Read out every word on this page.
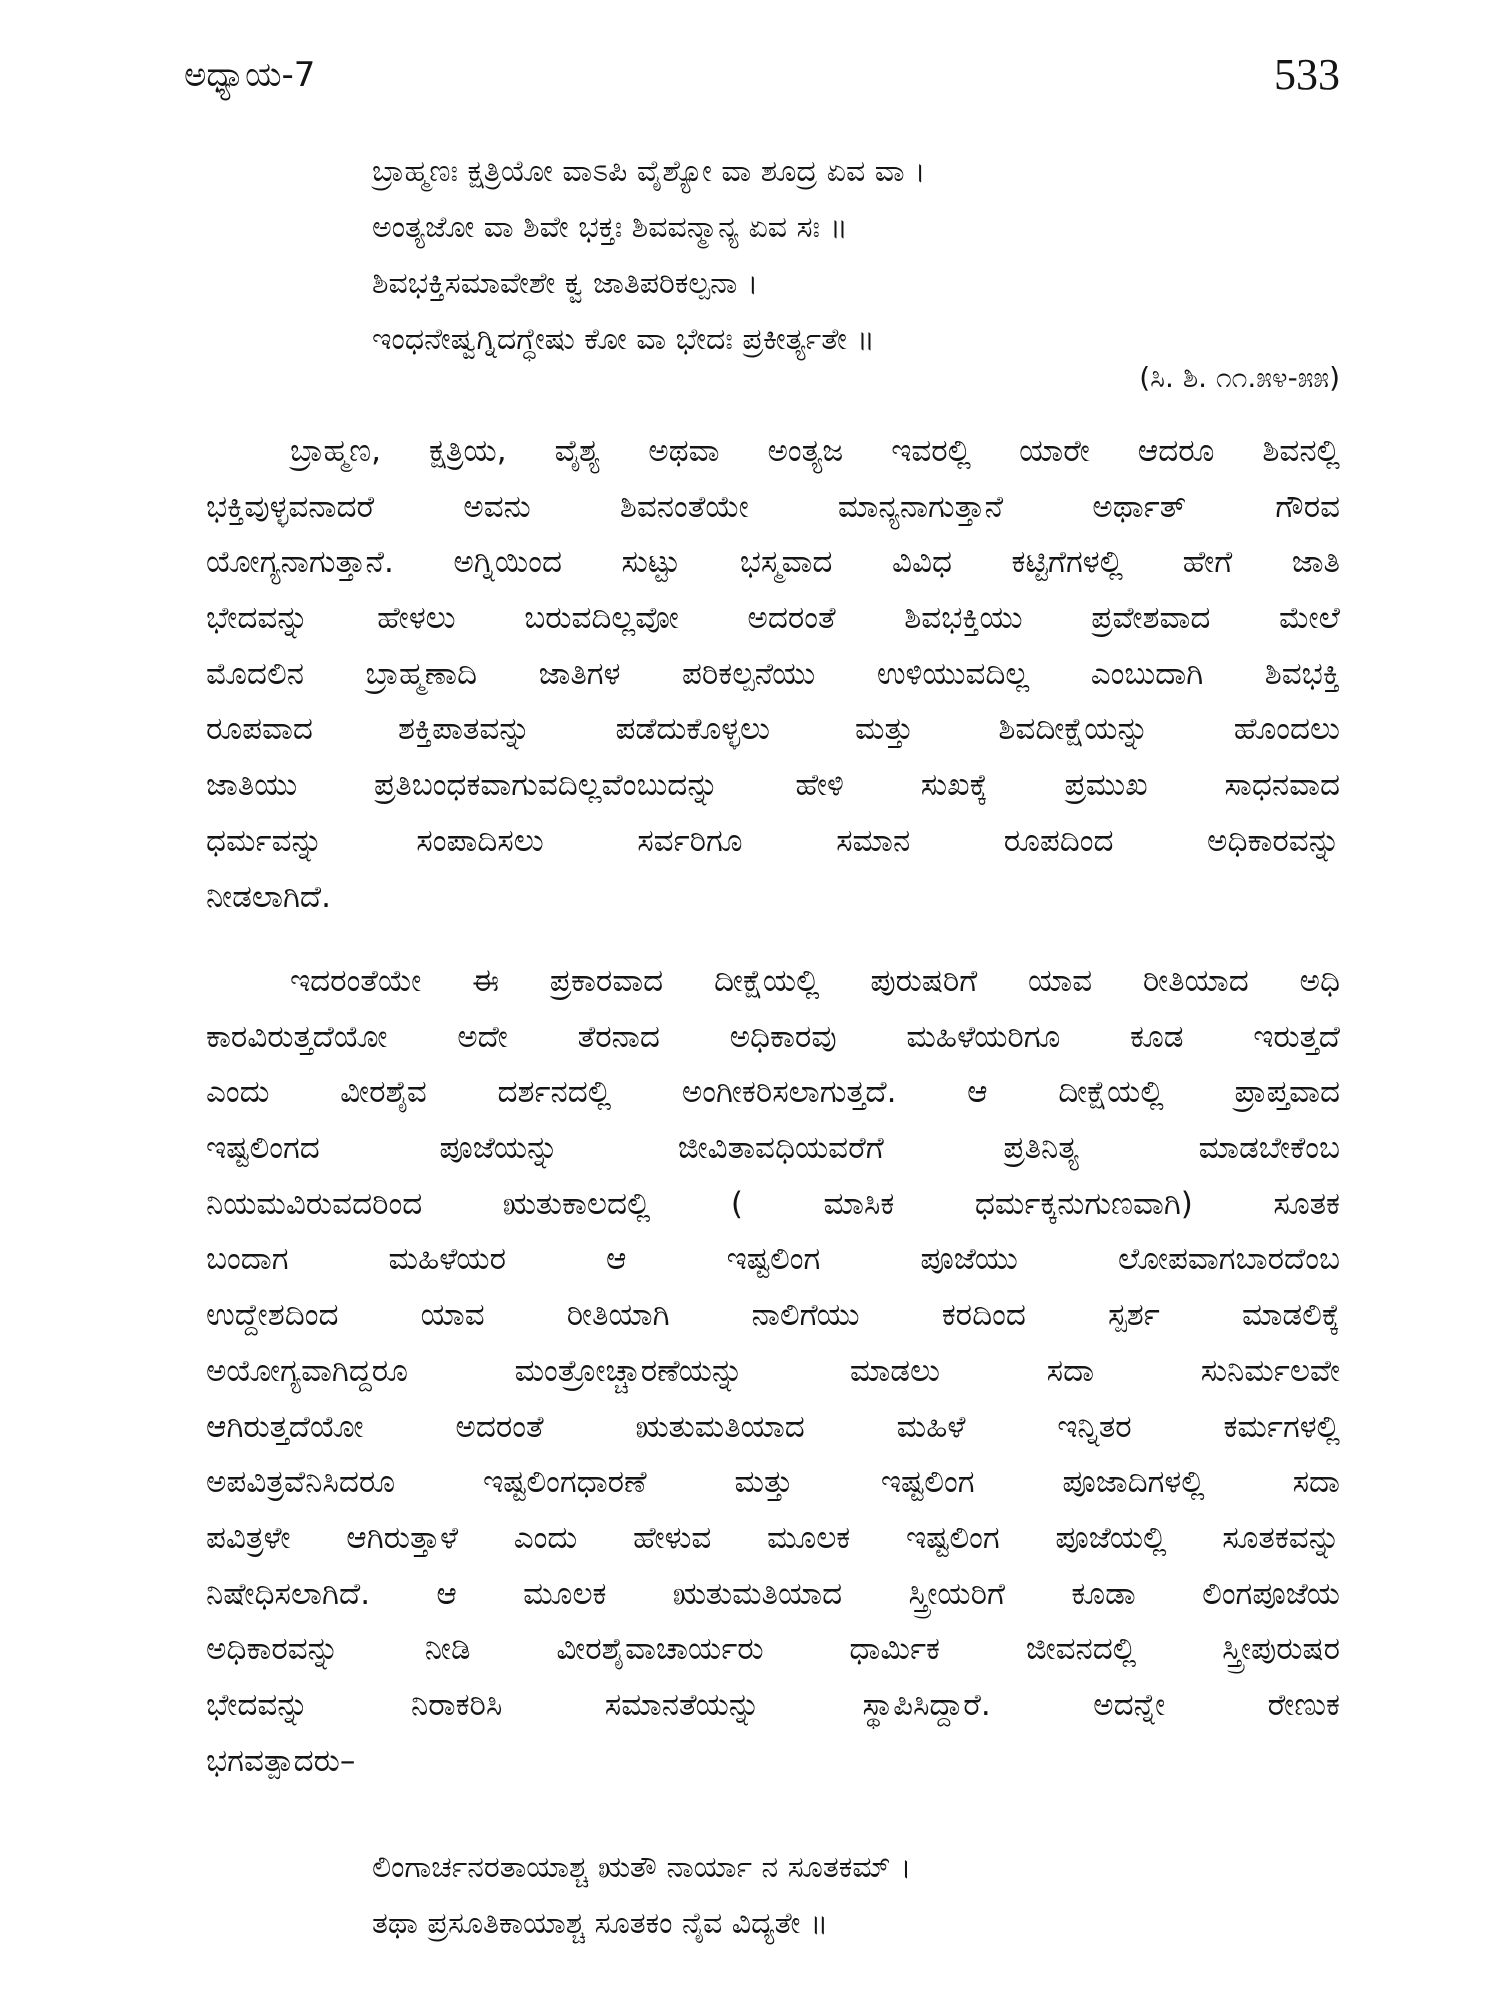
ಅಧ್ಯಾಯ-7	533
ಬ್ರಾಹ್ಮಣಃ ಕ್ಷತ್ರಿಯೋ ವಾಽಪಿ ವೈಶ್ಯೋ ವಾ ಶೂದ್ರ ಏವ ವಾ ।
ಅಂತ್ಯಜೋ ವಾ ಶಿವೇ ಭಕ್ತಃ ಶಿವವನ್ಮಾನ್ಯ ಏವ ಸಃ ॥
ಶಿವಭಕ್ತಿಸಮಾವೇಶೇ ಕ್ವ ಜಾತಿಪರಿಕಲ್ಪನಾ ।
ಇಂಧನೇಷ್ವಗ್ನಿದಗ್ಧೇಷು ಕೋ ವಾ ಭೇದಃ ಪ್ರಕೀರ್ತ್ಯತೇ ॥
(ಸಿ. ಶಿ. ೧೧.೫೪-೫೫)
ಬ್ರಾಹ್ಮಣ, ಕ್ಷತ್ರಿಯ, ವೈಶ್ಯ ಅಥವಾ ಅಂತ್ಯಜ ಇವರಲ್ಲಿ ಯಾರೇ ಆದರೂ ಶಿವನಲ್ಲಿ
ಭಕ್ತಿವುಳ್ಳವನಾದರೆ ಅವನು ಶಿವನಂತೆಯೇ ಮಾನ್ಯನಾಗುತ್ತಾನೆ ಅರ್ಥಾತ್ ಗೌರವ
ಯೋಗ್ಯನಾಗುತ್ತಾನೆ. ಅಗ್ನಿಯಿಂದ ಸುಟ್ಟು ಭಸ್ಮವಾದ ವಿವಿಧ ಕಟ್ಟಿಗೆಗಳಲ್ಲಿ ಹೇಗೆ ಜಾತಿ
ಭೇದವನ್ನು ಹೇಳಲು ಬರುವದಿಲ್ಲವೋ ಅದರಂತೆ ಶಿವಭಕ್ತಿಯು ಪ್ರವೇಶವಾದ ಮೇಲೆ
ಮೊದಲಿನ ಬ್ರಾಹ್ಮಣಾದಿ ಜಾತಿಗಳ ಪರಿಕಲ್ಪನೆಯು ಉಳಿಯುವದಿಲ್ಲ ಎಂಬುದಾಗಿ ಶಿವಭಕ್ತಿ
ರೂಪವಾದ ಶಕ್ತಿಪಾತವನ್ನು ಪಡೆದುಕೊಳ್ಳಲು ಮತ್ತು ಶಿವದೀಕ್ಷೆಯನ್ನು ಹೊಂದಲು
ಜಾತಿಯು ಪ್ರತಿಬಂಧಕವಾಗುವದಿಲ್ಲವೆಂಬುದನ್ನು ಹೇಳಿ ಸುಖಕ್ಕೆ ಪ್ರಮುಖ ಸಾಧನವಾದ
ಧರ್ಮವನ್ನು ಸಂಪಾದಿಸಲು ಸರ್ವರಿಗೂ ಸಮಾನ ರೂಪದಿಂದ ಅಧಿಕಾರವನ್ನು
ನೀಡಲಾಗಿದೆ.
ಇದರಂತೆಯೇ ಈ ಪ್ರಕಾರವಾದ ದೀಕ್ಷೆಯಲ್ಲಿ ಪುರುಷರಿಗೆ ಯಾವ ರೀತಿಯಾದ ಅಧಿ
ಕಾರವಿರುತ್ತದೆಯೋ ಅದೇ ತೆರನಾದ ಅಧಿಕಾರವು ಮಹಿಳೆಯರಿಗೂ ಕೂಡ ಇರುತ್ತದೆ
ಎಂದು ವೀರಶೈವ ದರ್ಶನದಲ್ಲಿ ಅಂಗೀಕರಿಸಲಾಗುತ್ತದೆ. ಆ ದೀಕ್ಷೆಯಲ್ಲಿ ಪ್ರಾಪ್ತವಾದ
ಇಷ್ಟಲಿಂಗದ ಪೂಜೆಯನ್ನು ಜೀವಿತಾವಧಿಯವರೆಗೆ ಪ್ರತಿನಿತ್ಯ ಮಾಡಬೇಕೆಂಬ
ನಿಯಮವಿರುವದರಿಂದ ಋತುಕಾಲದಲ್ಲಿ ( ಮಾಸಿಕ ಧರ್ಮಕ್ಕನುಗುಣವಾಗಿ) ಸೂತಕ
ಬಂದಾಗ ಮಹಿಳೆಯರ ಆ ಇಷ್ಟಲಿಂಗ ಪೂಜೆಯು ಲೋಪವಾಗಬಾರದೆಂಬ
ಉದ್ದೇಶದಿಂದ ಯಾವ ರೀತಿಯಾಗಿ ನಾಲಿಗೆಯು ಕರದಿಂದ ಸ್ಪರ್ಶ ಮಾಡಲಿಕ್ಕೆ
ಅಯೋಗ್ಯವಾಗಿದ್ದರೂ ಮಂತ್ರೋಚ್ಚಾರಣೆಯನ್ನು ಮಾಡಲು ಸದಾ ಸುನಿರ್ಮಲವೇ
ಆಗಿರುತ್ತದೆಯೋ ಅದರಂತೆ ಋತುಮತಿಯಾದ ಮಹಿಳೆ ಇನ್ನಿತರ ಕರ್ಮಗಳಲ್ಲಿ
ಅಪವಿತ್ರವೆನಿಸಿದರೂ ಇಷ್ಟಲಿಂಗಧಾರಣೆ ಮತ್ತು ಇಷ್ಟಲಿಂಗ ಪೂಜಾದಿಗಳಲ್ಲಿ ಸದಾ
ಪವಿತ್ರಳೇ ಆಗಿರುತ್ತಾಳೆ ಎಂದು ಹೇಳುವ ಮೂಲಕ ಇಷ್ಟಲಿಂಗ ಪೂಜೆಯಲ್ಲಿ ಸೂತಕವನ್ನು
ನಿಷೇಧಿಸಲಾಗಿದೆ. ಆ ಮೂಲಕ ಋತುಮತಿಯಾದ ಸ್ತ್ರೀಯರಿಗೆ ಕೂಡಾ ಲಿಂಗಪೂಜೆಯ
ಅಧಿಕಾರವನ್ನು ನೀಡಿ ವೀರಶೈವಾಚಾರ್ಯರು ಧಾರ್ಮಿಕ ಜೀವನದಲ್ಲಿ ಸ್ತ್ರೀಪುರುಷರ
ಭೇದವನ್ನು ನಿರಾಕರಿಸಿ ಸಮಾನತೆಯನ್ನು ಸ್ಥಾಪಿಸಿದ್ದಾರೆ. ಅದನ್ನೇ ರೇಣುಕ
ಭಗವತ್ಪಾದರು–
ಲಿಂಗಾರ್ಚನರತಾಯಾಶ್ಚ ಋತೌ ನಾರ್ಯಾ ನ ಸೂತಕಮ್ ।
ತಥಾ ಪ್ರಸೂತಿಕಾಯಾಶ್ಚ ಸೂತಕಂ ನೈವ ವಿದ್ಯತೇ ॥
